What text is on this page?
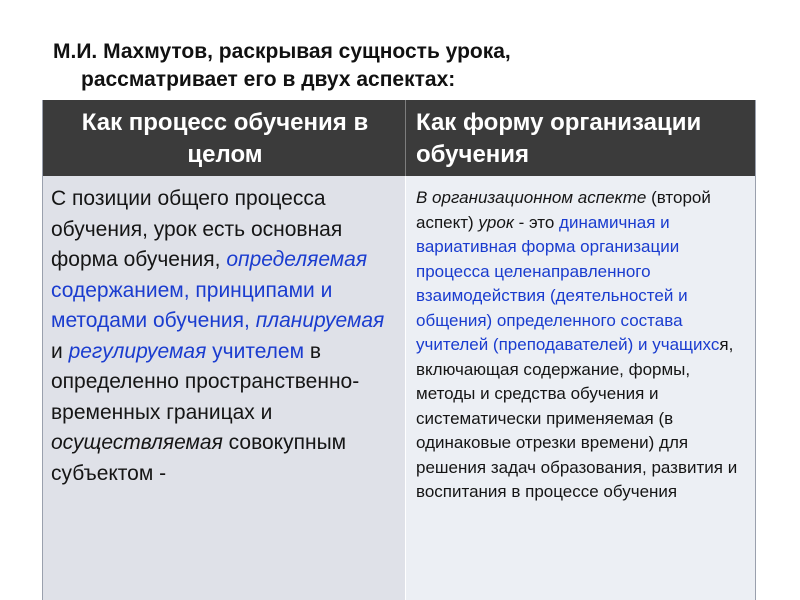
М.И. Махмутов, раскрывая сущность урока,
рассматривает его в двух аспектах:
Как процесс обучения в целом
Как форму организации обучения
С позиции общего процесса обучения, урок есть основная форма обучения, определяемая содержанием, принципами и методами обучения, планируемая и регулируемая учителем в определенно пространственно-временных границах и осуществляемая совокупным субъектом -
В организационном аспекте (второй аспект) урок - это динамичная и вариативная форма организации процесса целенаправленного взаимодействия (деятельностей и общения) определенного состава учителей (преподавателей) и учащихся, включающая содержание, формы, методы и средства обучения и систематически применяемая (в одинаковые отрезки времени) для решения задач образования, развития и воспитания в процессе обучения
